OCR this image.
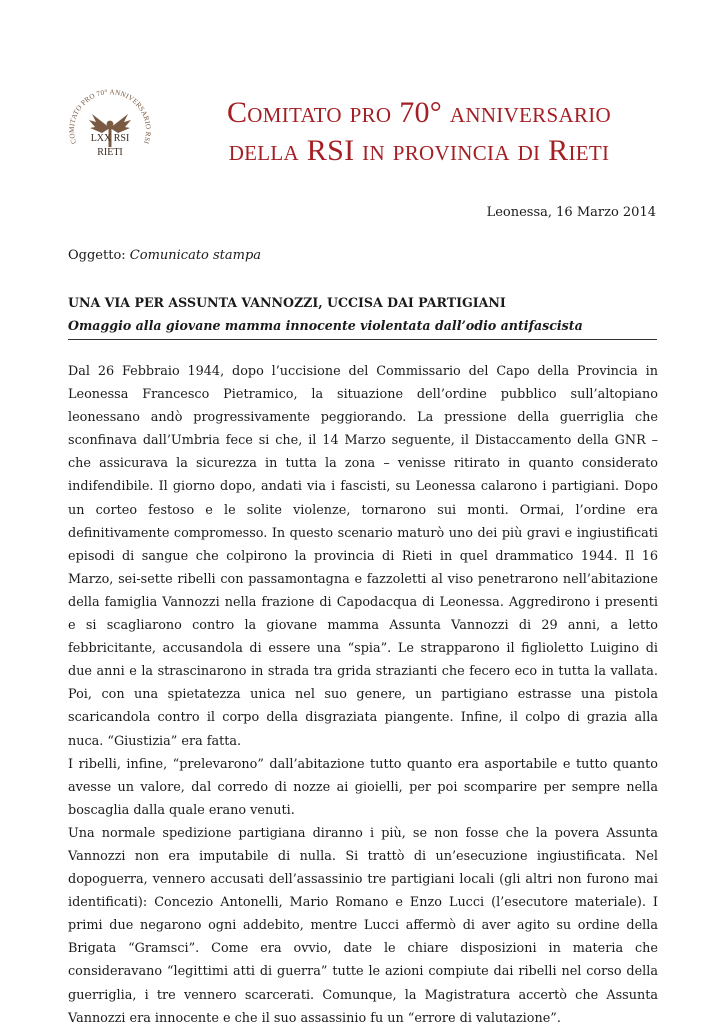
COMITATO PRO 70° ANNIVERSARIO RSI
LXX RSI
RIETI
Comitato pro 70° anniversario
della RSI in provincia di Rieti
Leonessa, 16 Marzo 2014
Oggetto: Comunicato stampa
UNA VIA PER ASSUNTA VANNOZZI, UCCISA DAI PARTIGIANI
Omaggio alla giovane mamma innocente violentata dall’odio antifascista

Dal 26 Febbraio 1944, dopo l’uccisione del Commissario del Capo della Provincia in Leonessa Francesco Pietramico, la situazione dell’ordine pubblico sull’altopiano leonessano andò progressivamente peggiorando. La pressione della guerriglia che sconfinava dall’Umbria fece si che, il 14 Marzo seguente, il Distaccamento della GNR – che assicurava la sicurezza in tutta la zona – venisse ritirato in quanto considerato indifendibile. Il giorno dopo, andati via i fascisti, su Leonessa calarono i partigiani. Dopo un corteo festoso e le solite violenze, tornarono sui monti. Ormai, l’ordine era definitivamente compromesso. In questo scenario maturò uno dei più gravi e ingiustificati episodi di sangue che colpirono la provincia di Rieti in quel drammatico 1944. Il 16 Marzo, sei-sette ribelli con passamontagna e fazzoletti al viso penetrarono nell’abitazione della famiglia Vannozzi nella frazione di Capodacqua di Leonessa. Aggredirono i presenti e si scagliarono contro la giovane mamma Assunta Vannozzi di 29 anni, a letto febbricitante, accusandola di essere una “spia”. Le strapparono il figlioletto Luigino di due anni e la strascinarono in strada tra grida strazianti che fecero eco in tutta la vallata. Poi, con una spietatezza unica nel suo genere, un partigiano estrasse una pistola scaricandola contro il corpo della disgraziata piangente. Infine, il colpo di grazia alla nuca. “Giustizia” era fatta.

I ribelli, infine, “prelevarono” dall’abitazione tutto quanto era asportabile e tutto quanto avesse un valore, dal corredo di nozze ai gioielli, per poi scomparire per sempre nella boscaglia dalla quale erano venuti.

Una normale spedizione partigiana diranno i più, se non fosse che la povera Assunta Vannozzi non era imputabile di nulla. Si trattò di un’esecuzione ingiustificata. Nel dopoguerra, vennero accusati dell’assassinio tre partigiani locali (gli altri non furono mai identificati): Concezio Antonelli, Mario Romano e Enzo Lucci (l’esecutore materiale). I primi due negarono ogni addebito, mentre Lucci affermò di aver agito su ordine della Brigata “Gramsci”. Come era ovvio, date le chiare disposizioni in materia che consideravano “legittimi atti di guerra” tutte le azioni compiute dai ribelli nel corso della guerriglia, i tre vennero scarcerati. Comunque, la Magistratura accertò che Assunta Vannozzi era innocente e che il suo assassinio fu un “errore di valutazione”.
